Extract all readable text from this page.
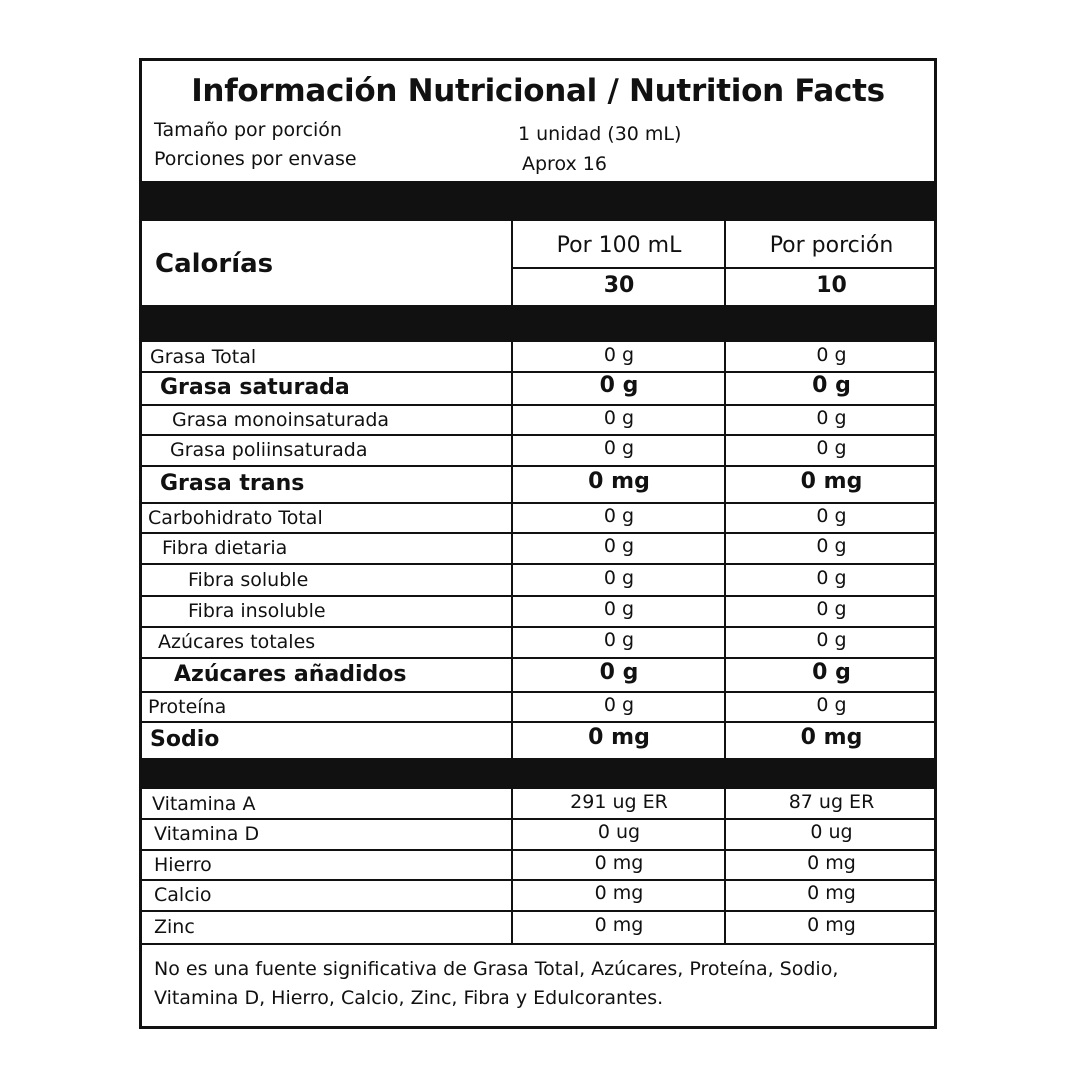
Información Nutricional / Nutrition Facts
Tamaño por porción	1 unidad (30 mL)
Porciones por envase	Aprox 16
Calorías
Por 100 mL	Por porción
30	10
Grasa Total	0 g	0 g
Grasa saturada	0 g	0 g
Grasa monoinsaturada	0 g	0 g
Grasa poliinsaturada	0 g	0 g
Grasa trans	0 mg	0 mg
Carbohidrato Total	0 g	0 g
Fibra dietaria	0 g	0 g
Fibra soluble	0 g	0 g
Fibra insoluble	0 g	0 g
Azúcares totales	0 g	0 g
Azúcares añadidos	0 g	0 g
Proteína	0 g	0 g
Sodio	0 mg	0 mg
Vitamina A	291 ug ER	87 ug ER
Vitamina D	0 ug	0 ug
Hierro	0 mg	0 mg
Calcio	0 mg	0 mg
Zinc	0 mg	0 mg
No es una fuente significativa de Grasa Total, Azúcares, Proteína, Sodio, Vitamina D, Hierro, Calcio, Zinc, Fibra y Edulcorantes.
